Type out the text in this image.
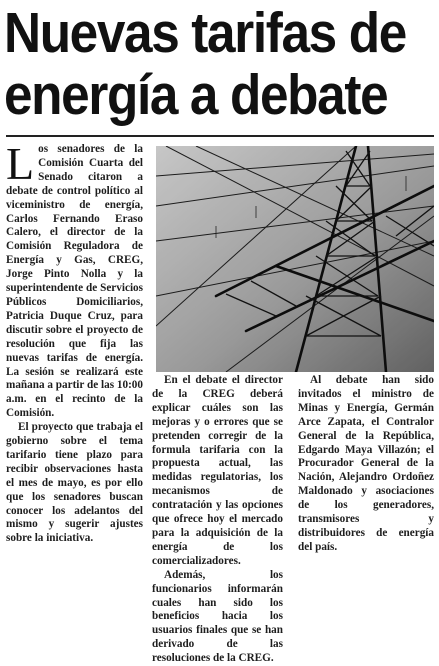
Nuevas tarifas de
energía a debate

Los senadores de la Comisión Cuarta del Senado citaron a debate de control político al viceministro de energía, Carlos Fernando Eraso Calero, el director de la Comisión Reguladora de Energía y Gas, CREG, Jorge Pinto Nolla y la superintendente de Servicios Públicos Domiciliarios, Patricia Duque Cruz, para discutir sobre el proyecto de resolución que fija las nuevas tarifas de energía. La sesión se realizará este mañana a partir de las 10:00 a.m. en el recinto de la Comisión.

El proyecto que trabaja el gobierno sobre el tema tarifario tiene plazo para recibir observaciones hasta el mes de mayo, es por ello que los senadores buscan conocer los adelantos del mismo y sugerir ajustes sobre la iniciativa.

En el debate el director de la CREG deberá explicar cuáles son las mejoras y o errores que se pretenden corregir de la formula tarifaria con la propuesta actual, las medidas regulatorias, los mecanismos de contratación y las opciones que ofrece hoy el mercado para la adquisición de la energía de los comercializadores.

Además, los funcionarios informarán cuales han sido los beneficios hacia los usuarios finales que se han derivado de las resoluciones de la CREG.

Al debate han sido invitados el ministro de Minas y Energía, Germán Arce Zapata, el Contralor General de la República, Edgardo Maya Villazón; el Procurador General de la Nación, Alejandro Ordoñez Maldonado y asociaciones de los generadores, transmisores y distribuidores de energía del país.
